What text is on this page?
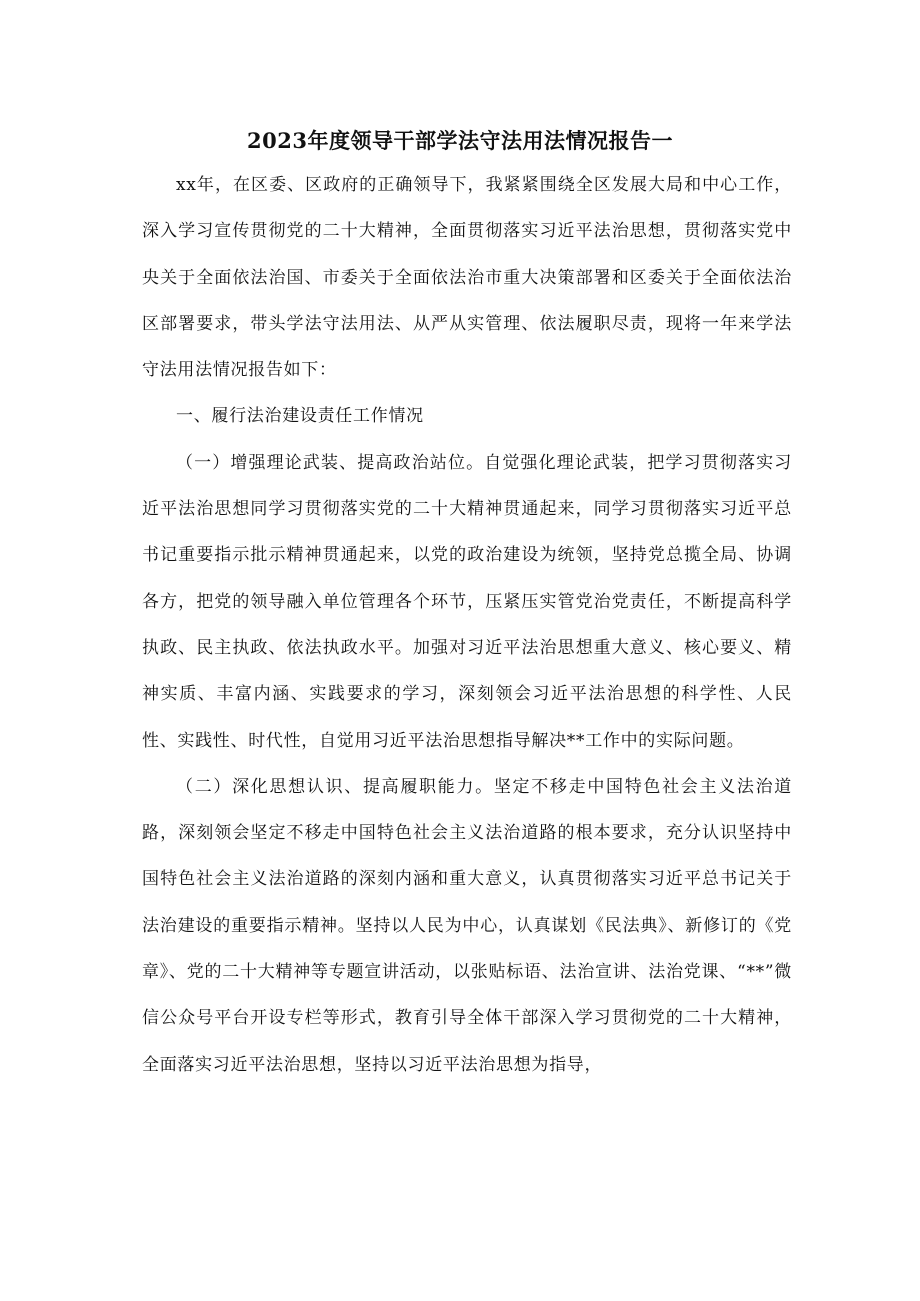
2023年度领导干部学法守法用法情况报告一

xx年，在区委、区政府的正确领导下，我紧紧围绕全区发展大局和中心工作，深入学习宣传贯彻党的二十大精神，全面贯彻落实习近平法治思想，贯彻落实党中央关于全面依法治国、市委关于全面依法治市重大决策部署和区委关于全面依法治区部署要求，带头学法守法用法、从严从实管理、依法履职尽责，现将一年来学法守法用法情况报告如下：

一、履行法治建设责任工作情况

（一）增强理论武装、提高政治站位。自觉强化理论武装，把学习贯彻落实习近平法治思想同学习贯彻落实党的二十大精神贯通起来，同学习贯彻落实习近平总书记重要指示批示精神贯通起来，以党的政治建设为统领，坚持党总揽全局、协调各方，把党的领导融入单位管理各个环节，压紧压实管党治党责任，不断提高科学执政、民主执政、依法执政水平。加强对习近平法治思想重大意义、核心要义、精神实质、丰富内涵、实践要求的学习，深刻领会习近平法治思想的科学性、人民性、实践性、时代性，自觉用习近平法治思想指导解决**工作中的实际问题。

（二）深化思想认识、提高履职能力。坚定不移走中国特色社会主义法治道路，深刻领会坚定不移走中国特色社会主义法治道路的根本要求，充分认识坚持中国特色社会主义法治道路的深刻内涵和重大意义，认真贯彻落实习近平总书记关于法治建设的重要指示精神。坚持以人民为中心，认真谋划《民法典》、新修订的《党章》、党的二十大精神等专题宣讲活动，以张贴标语、法治宣讲、法治党课、“**”微信公众号平台开设专栏等形式，教育引导全体干部深入学习贯彻党的二十大精神，全面落实习近平法治思想，坚持以习近平法治思想为指导，
